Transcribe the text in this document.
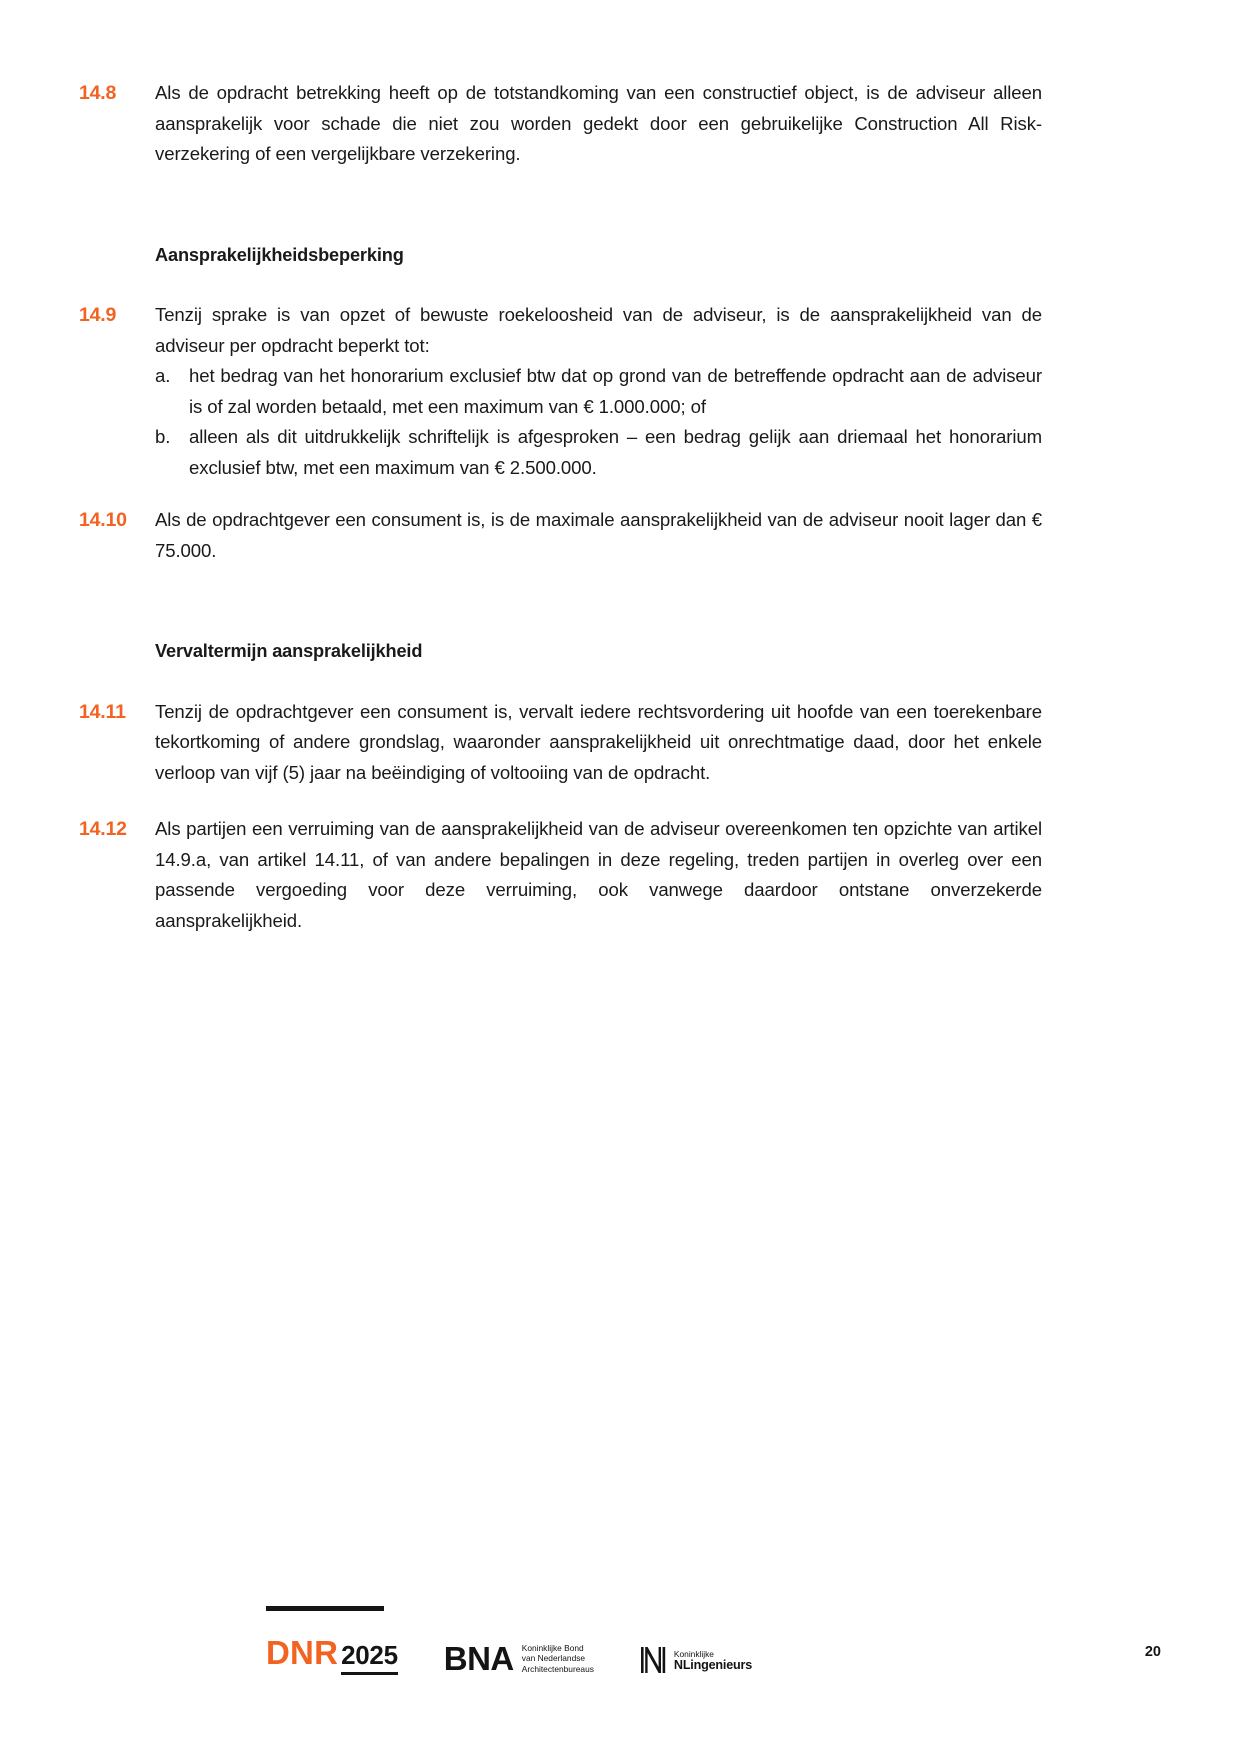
14.8	Als de opdracht betrekking heeft op de totstandkoming van een constructief object, is de adviseur alleen aansprakelijk voor schade die niet zou worden gedekt door een gebruikelijke Construction All Risk-verzekering of een vergelijkbare verzekering.

Aansprakelijkheidsbeperking
14.9	Tenzij sprake is van opzet of bewuste roekeloosheid van de adviseur, is de aansprakelijkheid van de adviseur per opdracht beperkt tot:

a.	het bedrag van het honorarium exclusief btw dat op grond van de betreffende opdracht aan de adviseur is of zal worden betaald, met een maximum van € 1.000.000; of
b.	alleen als dit uitdrukkelijk schriftelijk is afgesproken – een bedrag gelijk aan driemaal het honorarium exclusief btw, met een maximum van € 2.500.000.
14.10	Als de opdrachtgever een consument is, is de maximale aansprakelijkheid van de adviseur nooit lager dan € 75.000.

Vervaltermijn aansprakelijkheid
14.11	Tenzij de opdrachtgever een consument is, vervalt iedere rechtsvordering uit hoofde van een toerekenbare tekortkoming of andere grondslag, waaronder aansprakelijkheid uit onrechtmatige daad, door het enkele verloop van vijf (5) jaar na beëindiging of voltooiing van de opdracht.

14.12	Als partijen een verruiming van de aansprakelijkheid van de adviseur overeenkomen ten opzichte van artikel 14.9.a, van artikel 14.11, of van andere bepalingen in deze regeling, treden partijen in overleg over een passende vergoeding voor deze verruiming, ook vanwege daardoor ontstane onverzekerde aansprakelijkheid.

DNR 2025 BNA Koninklijke Bond
van Nederlandse
Architectenbureaus
Koninklijke
NLingenieurs
20
